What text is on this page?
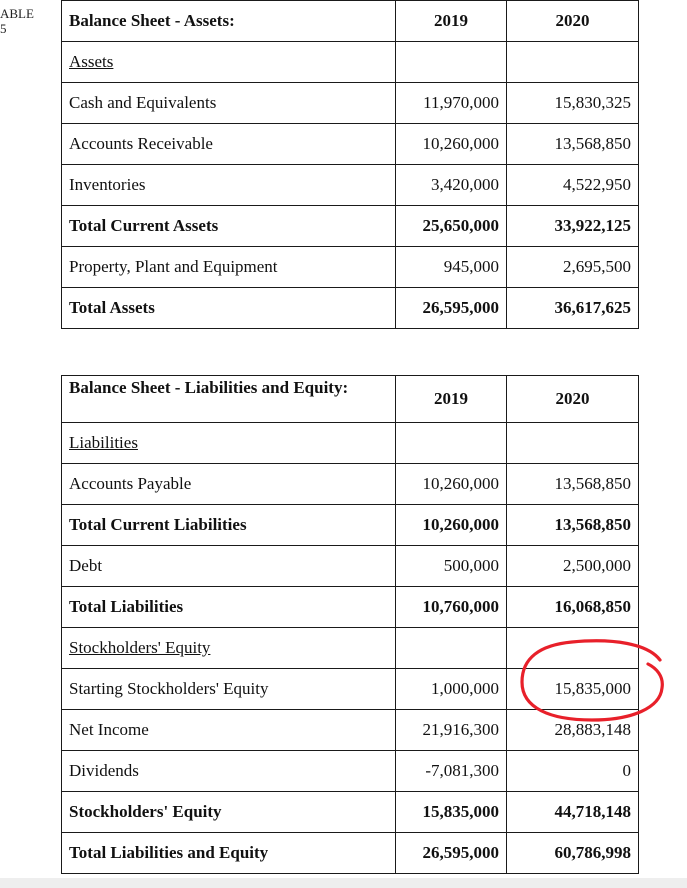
ABLE
5	Balance Sheet - Assets:	2019	2020
Assets		
Cash and Equivalents	11,970,000	15,830,325
Accounts Receivable	10,260,000	13,568,850
Inventories	3,420,000	4,522,950
Total Current Assets	25,650,000	33,922,125
Property, Plant and Equipment	945,000	2,695,500
Total Assets	26,595,000	36,617,625
Balance Sheet - Liabilities and Equity:	2019	2020
Liabilities		
Accounts Payable	10,260,000	13,568,850
Total Current Liabilities	10,260,000	13,568,850
Debt	500,000	2,500,000
Total Liabilities	10,760,000	16,068,850
Stockholders' Equity		
Starting Stockholders' Equity	1,000,000	15,835,000
Net Income	21,916,300	28,883,148
Dividends	-7,081,300	0
Stockholders' Equity	15,835,000	44,718,148
Total Liabilities and Equity	26,595,000	60,786,998
